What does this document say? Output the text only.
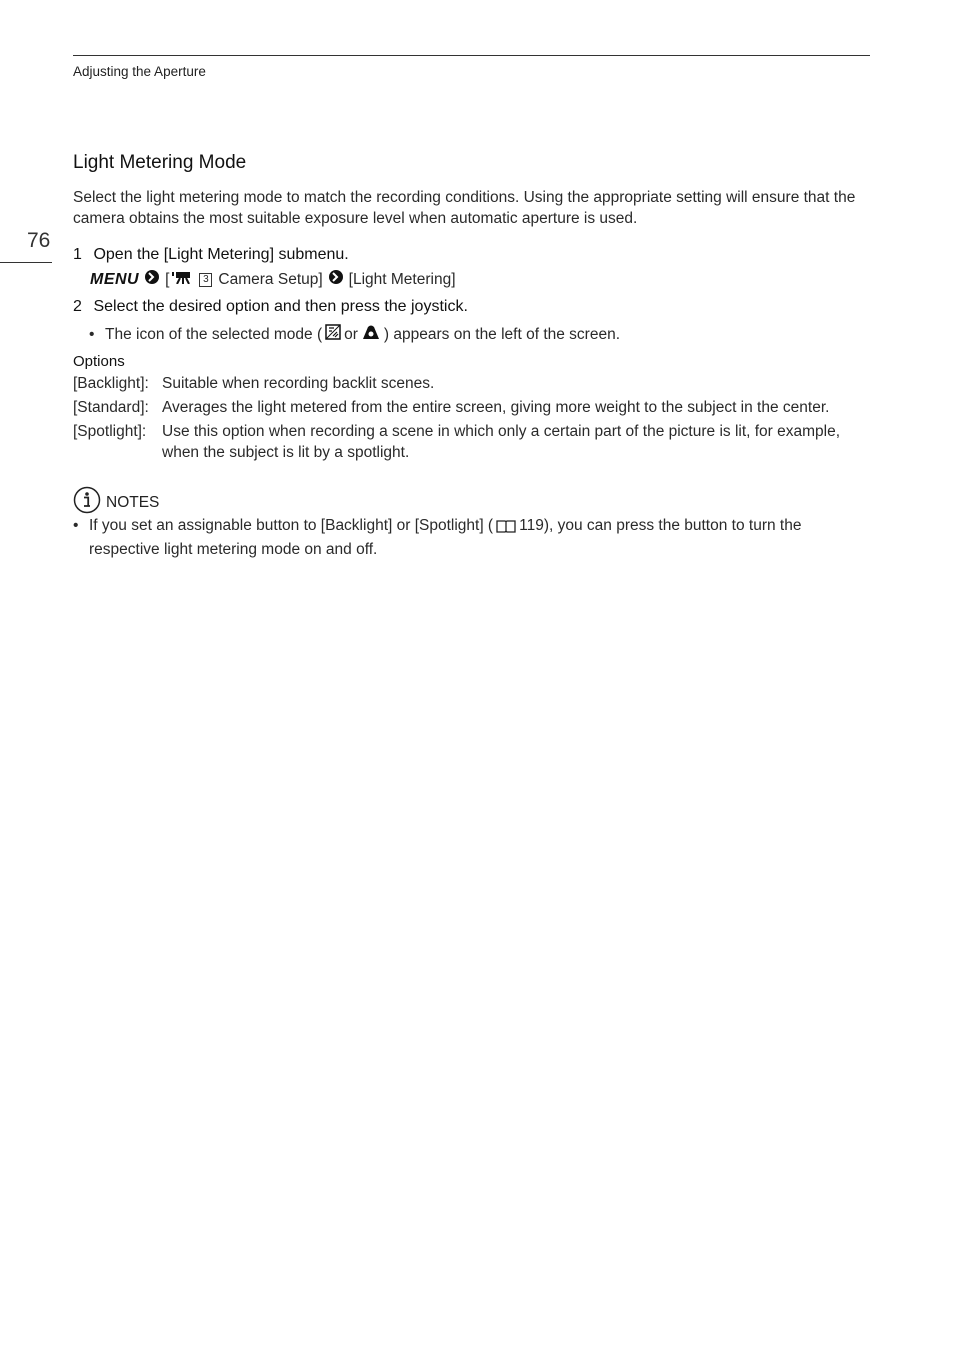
Adjusting the Aperture
76
Light Metering Mode
Select the light metering mode to match the recording conditions. Using the appropriate setting will ensure that the camera obtains the most suitable exposure level when automatic aperture is used.
1 Open the [Light Metering] submenu.
MENU [	3 Camera Setup] [Light Metering]
2 Select the desired option and then press the joystick.
• The icon of the selected mode ( or ) appears on the left of the screen.
Options
[Backlight]: Suitable when recording backlit scenes.
[Standard]: Averages the light metered from the entire screen, giving more weight to the subject in the center.
[Spotlight]:	Use this option when recording a scene in which only a certain part of the picture is lit, for example, when the subject is lit by a spotlight.
NOTES
• If you set an assignable button to [Backlight] or [Spotlight] ( 119), you can press the button to turn the respective light metering mode on and off.
